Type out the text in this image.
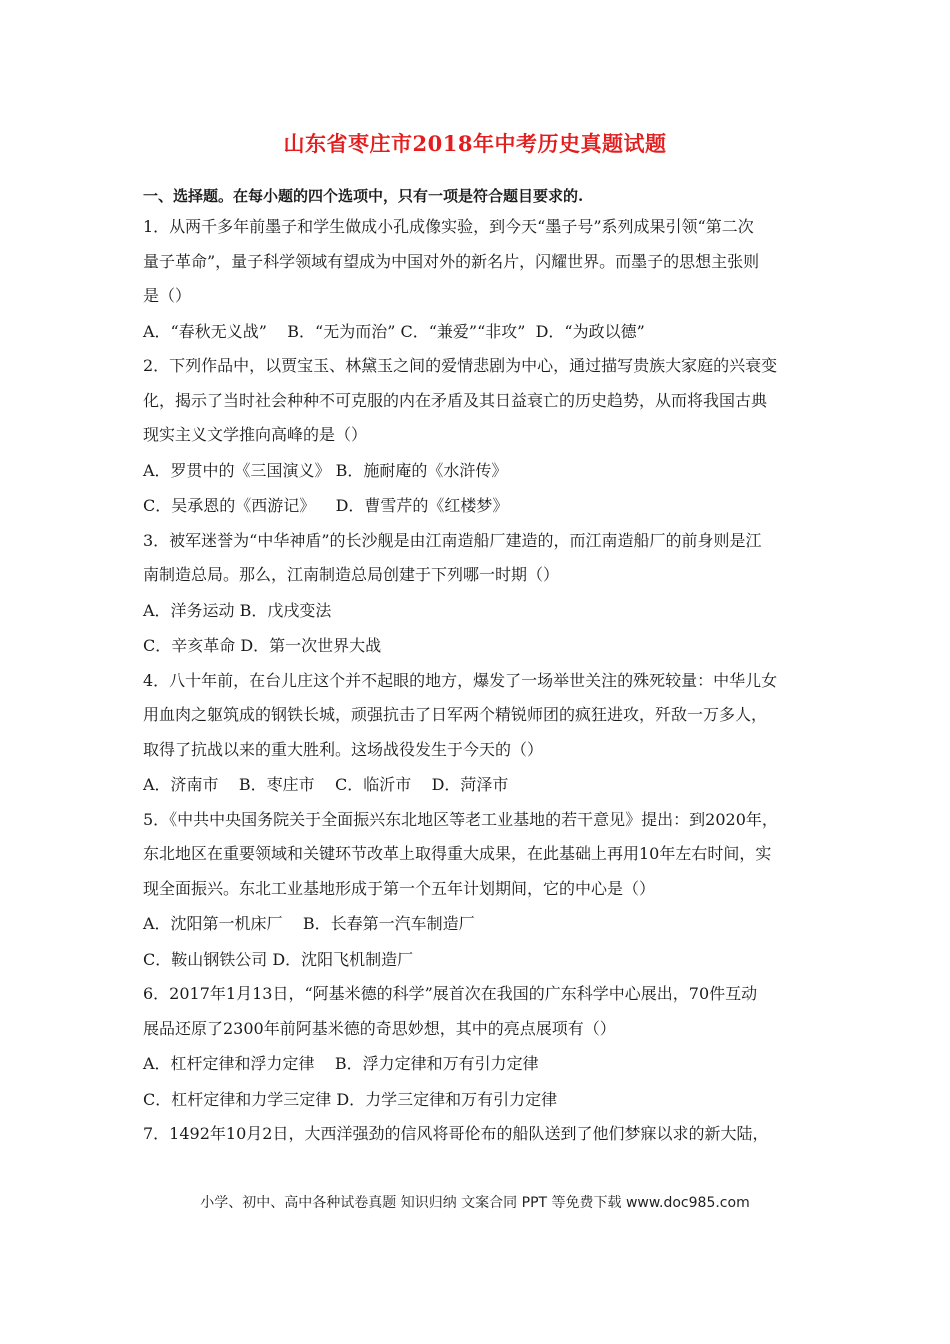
山东省枣庄市2018年中考历史真题试题

一、选择题。在每小题的四个选项中，只有一项是符合题目要求的.

1．从两千多年前墨子和学生做成小孔成像实验，到今天“墨子号”系列成果引领“第二次
量子革命”，量子科学领域有望成为中国对外的新名片，闪耀世界。而墨子的思想主张则
是（）
A．“春秋无义战”    B．“无为而治” C．“兼爱”“非攻”  D．“为政以德”
2．下列作品中，以贾宝玉、林黛玉之间的爱情悲剧为中心，通过描写贵族大家庭的兴衰变
化，揭示了当时社会种种不可克服的内在矛盾及其日益衰亡的历史趋势，从而将我国古典
现实主义文学推向高峰的是（）
A．罗贯中的《三国演义》 B．施耐庵的《水浒传》
C．吴承恩的《西游记》    D．曹雪芹的《红楼梦》
3．被军迷誉为“中华神盾”的长沙舰是由江南造船厂建造的，而江南造船厂的前身则是江
南制造总局。那么，江南制造总局创建于下列哪一时期（）
A．洋务运动 B．戊戌变法
C．辛亥革命 D．第一次世界大战
4．八十年前，在台儿庄这个并不起眼的地方，爆发了一场举世关注的殊死较量：中华儿女
用血肉之躯筑成的钢铁长城，顽强抗击了日军两个精锐师团的疯狂进攻，歼敌一万多人，
取得了抗战以来的重大胜利。这场战役发生于今天的（）
A．济南市    B．枣庄市    C．临沂市    D．菏泽市
5．《中共中央国务院关于全面振兴东北地区等老工业基地的若干意见》提出：到2020年，
东北地区在重要领域和关键环节改革上取得重大成果，在此基础上再用10年左右时间，实
现全面振兴。东北工业基地形成于第一个五年计划期间，它的中心是（）
A．沈阳第一机床厂    B．长春第一汽车制造厂
C．鞍山钢铁公司 D．沈阳飞机制造厂
6．2017年1月13日，“阿基米德的科学”展首次在我国的广东科学中心展出，70件互动
展品还原了2300年前阿基米德的奇思妙想，其中的亮点展项有（）
A．杠杆定律和浮力定律    B．浮力定律和万有引力定律
C．杠杆定律和力学三定律 D．力学三定律和万有引力定律
7．1492年10月2日，大西洋强劲的信风将哥伦布的船队送到了他们梦寐以求的新大陆，
小学、初中、高中各种试卷真题 知识归纳 文案合同 PPT 等免费下载 www.doc985.com
